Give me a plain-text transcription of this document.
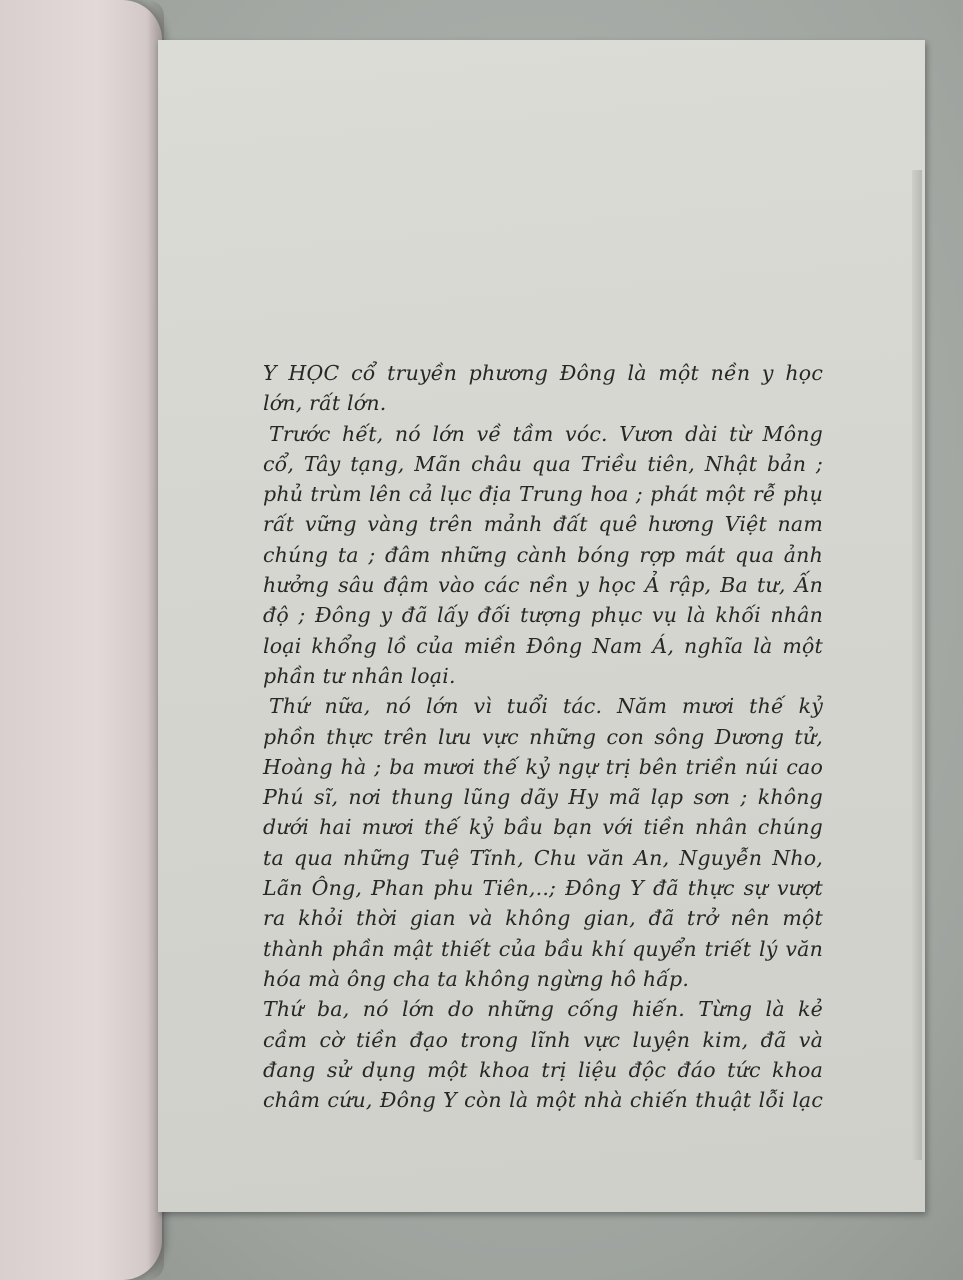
Y HỌC cổ truyền phương Đông là một nền y học
lớn, rất lớn.
Trước hết, nó lớn về tầm vóc. Vươn dài từ Mông
cổ, Tây tạng, Mãn châu qua Triều tiên, Nhật bản ;
phủ trùm lên cả lục địa Trung hoa ; phát một rễ phụ
rất vững vàng trên mảnh đất quê hương Việt nam
chúng ta ; đâm những cành bóng rợp mát qua ảnh
hưởng sâu đậm vào các nền y học Ả rập, Ba tư, Ấn
độ ; Đông y đã lấy đối tượng phục vụ là khối nhân
loại khổng lồ của miền Đông Nam Á, nghĩa là một
phần tư nhân loại.
Thứ nữa, nó lớn vì tuổi tác. Năm mươi thế kỷ
phồn thực trên lưu vực những con sông Dương tử,
Hoàng hà ; ba mươi thế kỷ ngự trị bên triền núi cao
Phú sĩ, nơi thung lũng dãy Hy mã lạp sơn ; không
dưới hai mươi thế kỷ bầu bạn với tiền nhân chúng
ta qua những Tuệ Tĩnh, Chu văn An, Nguyễn Nho,
Lãn Ông, Phan phu Tiên,..; Đông Y đã thực sự vượt
ra khỏi thời gian và không gian, đã trở nên một
thành phần mật thiết của bầu khí quyển triết lý văn
hóa mà ông cha ta không ngừng hô hấp.
Thứ ba, nó lớn do những cống hiến. Từng là kẻ
cầm cờ tiền đạo trong lĩnh vực luyện kim, đã và
đang sử dụng một khoa trị liệu độc đáo tức khoa
châm cứu, Đông Y còn là một nhà chiến thuật lỗi lạc
